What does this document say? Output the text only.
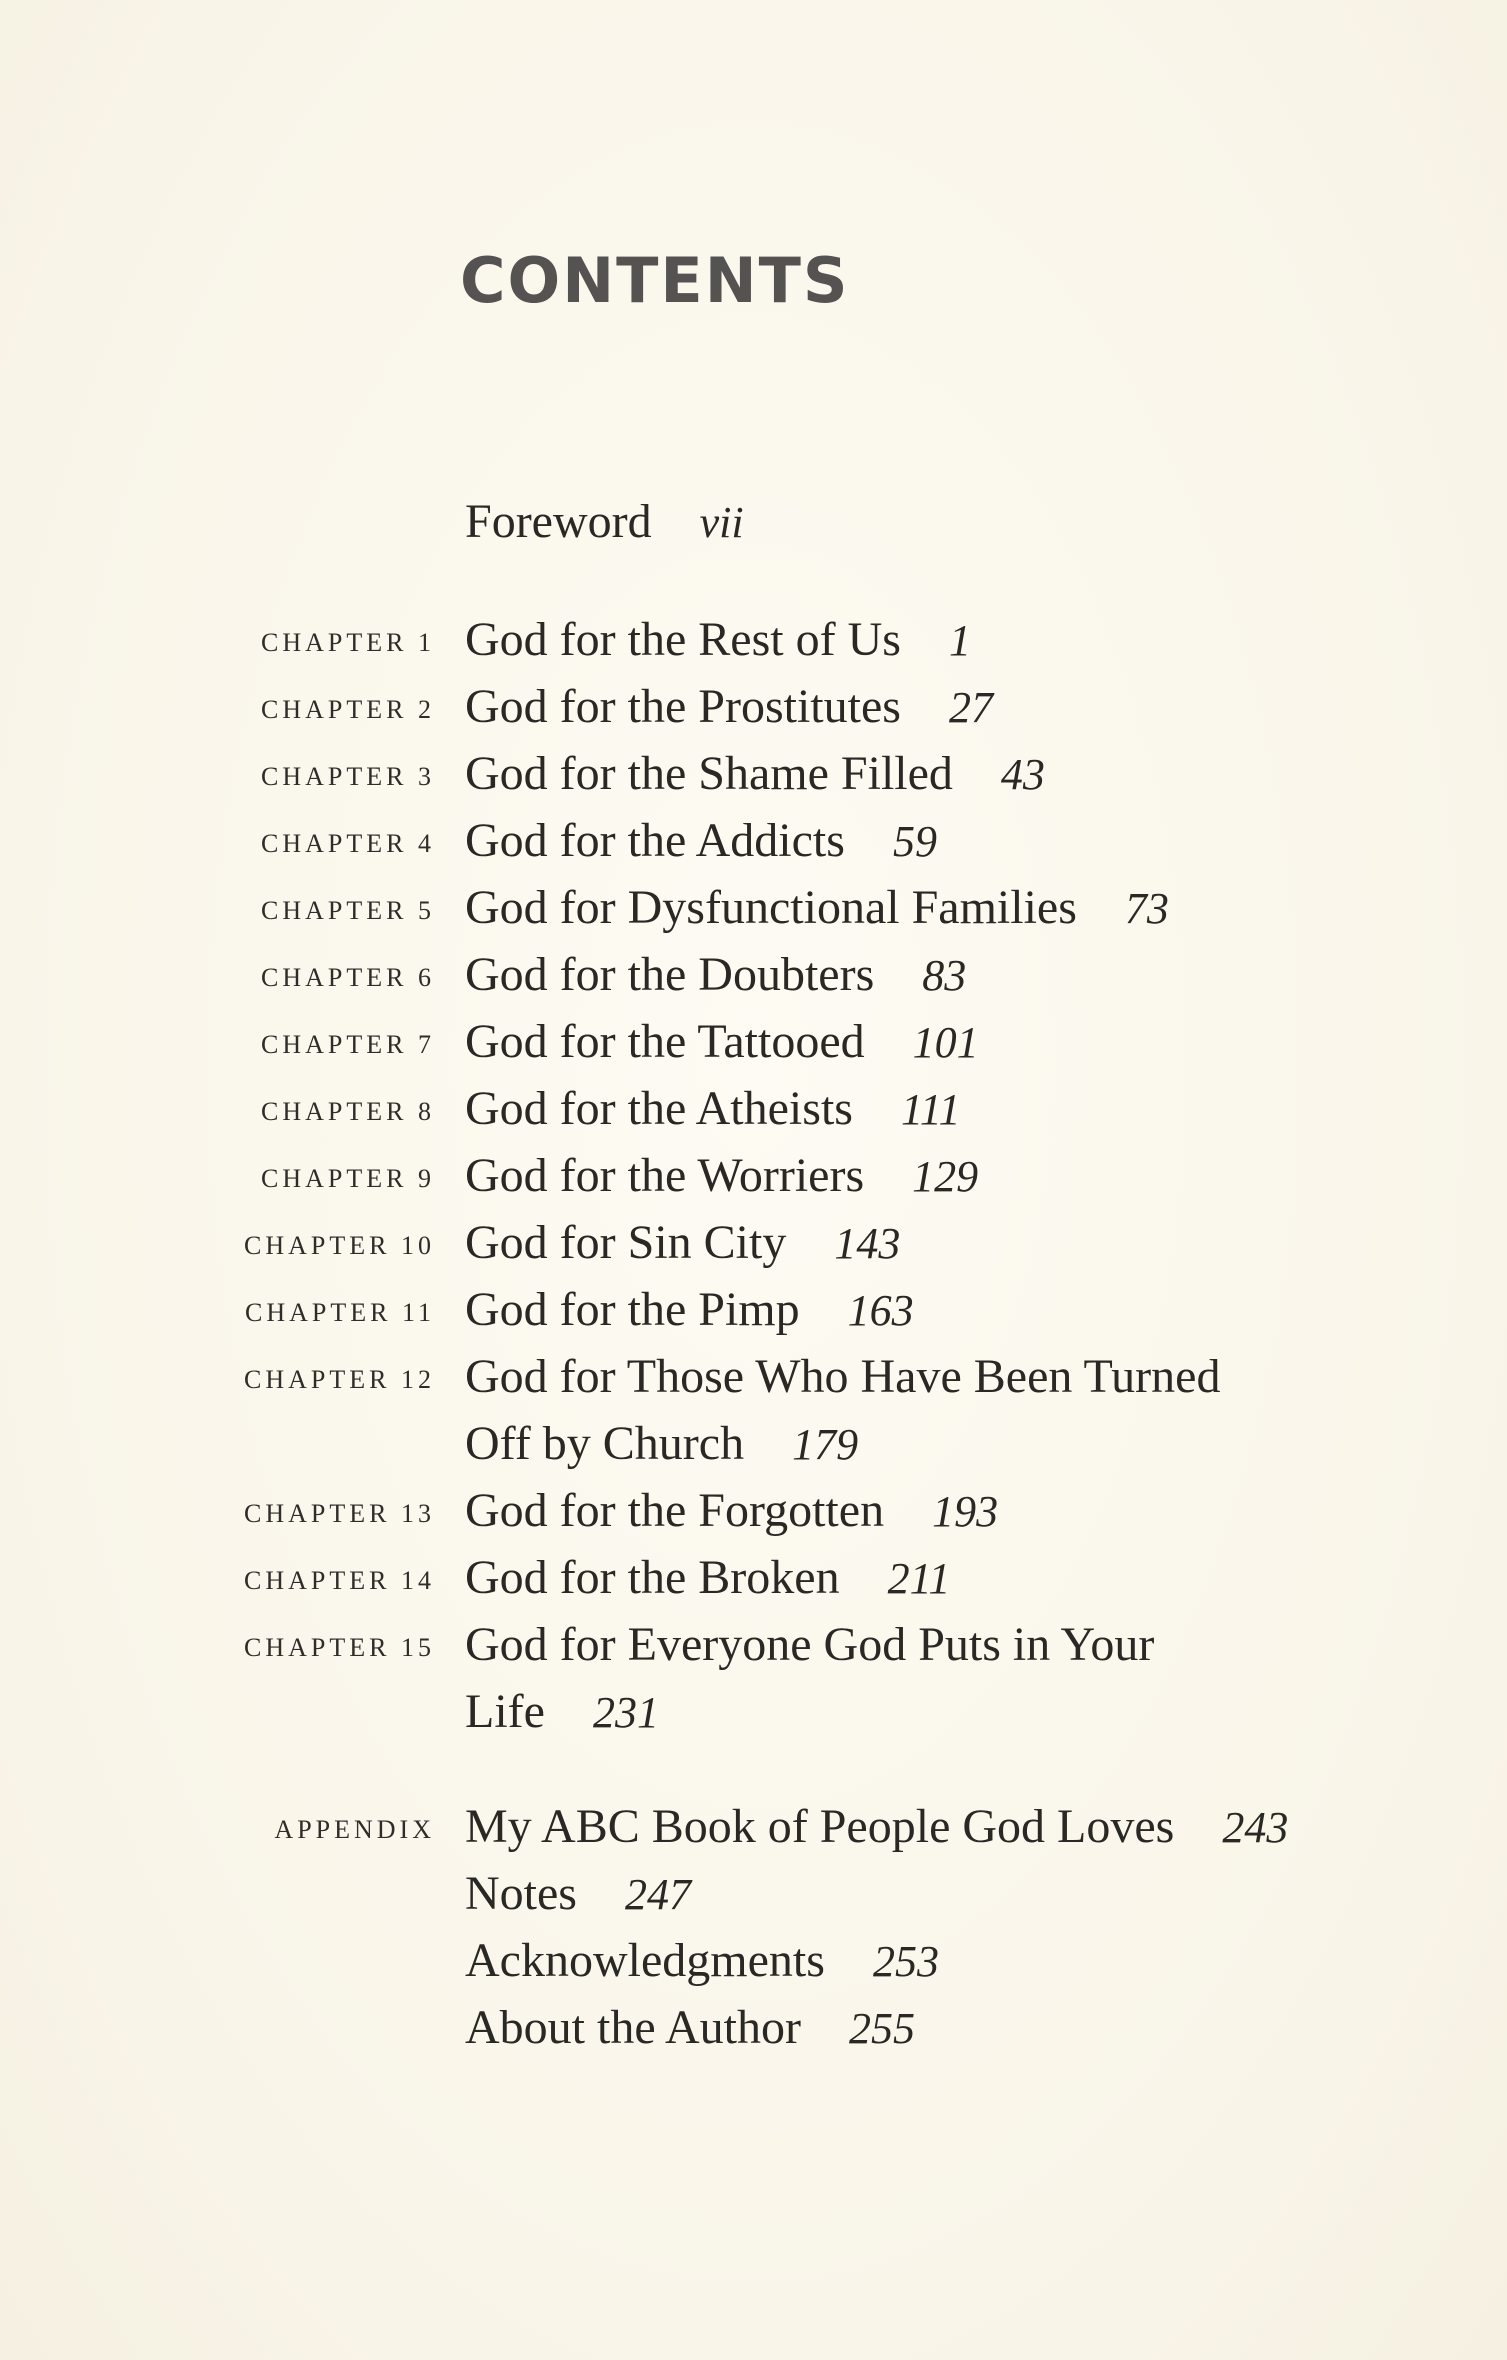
CONTENTS
Foreword vii
CHAPTER 1 God for the Rest of Us 1
CHAPTER 2 God for the Prostitutes 27
CHAPTER 3 God for the Shame Filled 43
CHAPTER 4 God for the Addicts 59
CHAPTER 5 God for Dysfunctional Families 73
CHAPTER 6 God for the Doubters 83
CHAPTER 7 God for the Tattooed 101
CHAPTER 8 God for the Atheists 111
CHAPTER 9 God for the Worriers 129
CHAPTER 10 God for Sin City 143
CHAPTER 11 God for the Pimp 163
CHAPTER 12 God for Those Who Have Been Turned Off by Church 179
CHAPTER 13 God for the Forgotten 193
CHAPTER 14 God for the Broken 211
CHAPTER 15 God for Everyone God Puts in Your Life 231
APPENDIX My ABC Book of People God Loves 243
Notes 247
Acknowledgments 253
About the Author 255
